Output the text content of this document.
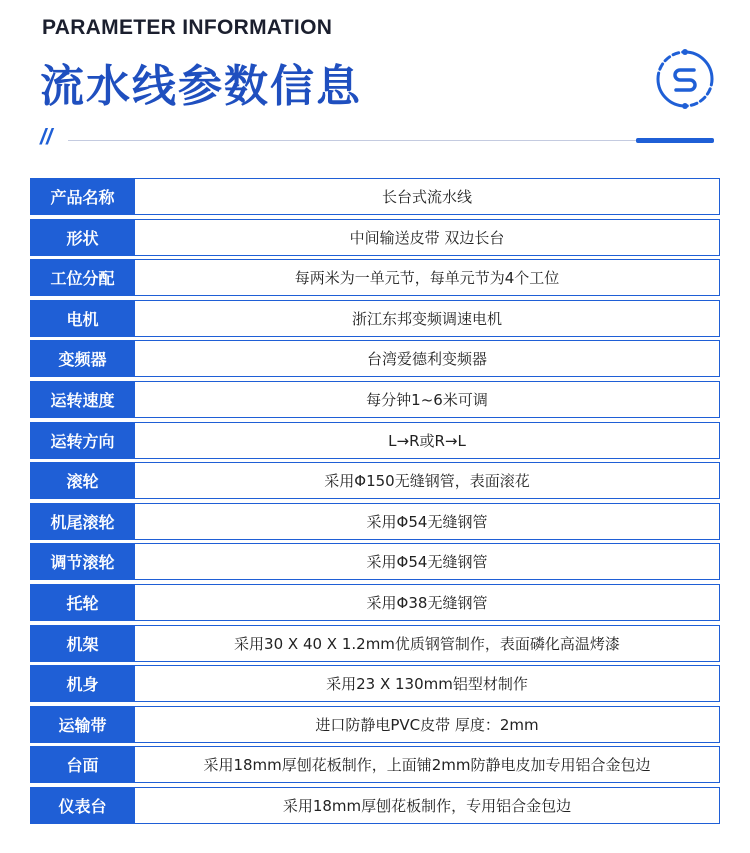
PARAMETER INFORMATION
流水线参数信息
//
产品名称	长台式流水线
形状	中间输送皮带 双边长台
工位分配	每两米为一单元节，每单元节为4个工位
电机	浙江东邦变频调速电机
变频器	台湾爱德利变频器
运转速度	每分钟1~6米可调
运转方向	L→R或R→L
滚轮	采用Φ150无缝钢管，表面滚花
机尾滚轮	采用Φ54无缝钢管
调节滚轮	采用Φ54无缝钢管
托轮	采用Φ38无缝钢管
机架	采用30 X 40 X 1.2mm优质钢管制作，表面磷化高温烤漆
机身	采用23 X 130mm铝型材制作
运输带	进口防静电PVC皮带 厚度：2mm
台面	采用18mm厚刨花板制作，上面铺2mm防静电皮加专用铝合金包边
仪表台	采用18mm厚刨花板制作，专用铝合金包边
